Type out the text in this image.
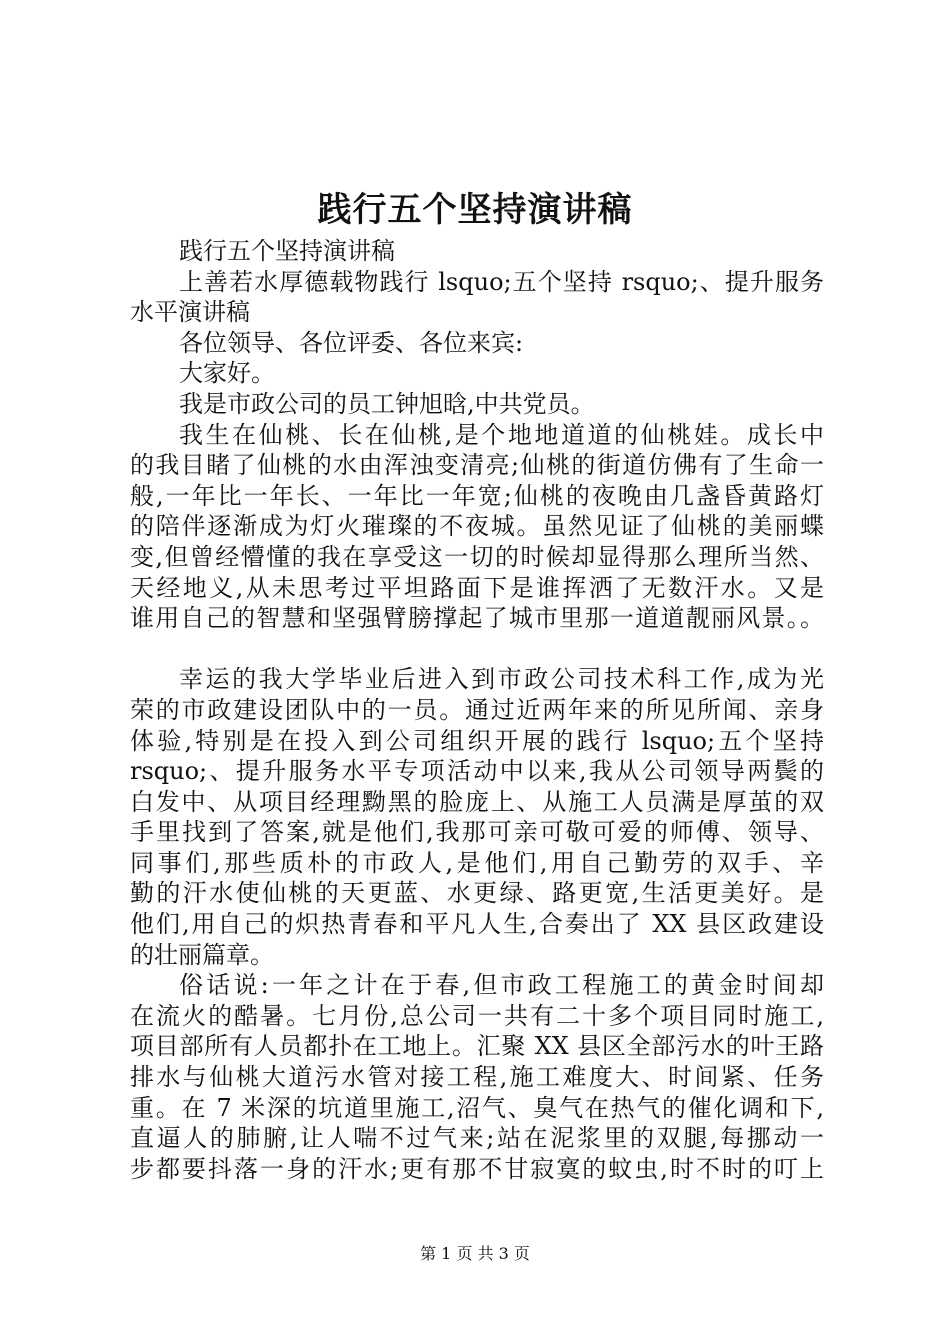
践行五个坚持演讲稿
践行五个坚持演讲稿
上善若水厚德载物践行 lsquo;五个坚持 rsquo;、提升服务
水平演讲稿
各位领导、各位评委、各位来宾:
大家好。
我是市政公司的员工钟旭晗,中共党员。
我生在仙桃、长在仙桃,是个地地道道的仙桃娃。成长中
的我目睹了仙桃的水由浑浊变清亮;仙桃的街道仿佛有了生命一
般,一年比一年长、一年比一年宽;仙桃的夜晚由几盏昏黄路灯
的陪伴逐渐成为灯火璀璨的不夜城。虽然见证了仙桃的美丽蝶
变,但曾经懵懂的我在享受这一切的时候却显得那么理所当然、
天经地义,从未思考过平坦路面下是谁挥洒了无数汗水。又是
谁用自己的智慧和坚强臂膀撑起了城市里那一道道靓丽风景。。
幸运的我大学毕业后进入到市政公司技术科工作,成为光
荣的市政建设团队中的一员。通过近两年来的所见所闻、亲身
体验,特别是在投入到公司组织开展的践行 lsquo;五个坚持
rsquo;、提升服务水平专项活动中以来,我从公司领导两鬓的
白发中、从项目经理黝黑的脸庞上、从施工人员满是厚茧的双
手里找到了答案,就是他们,我那可亲可敬可爱的师傅、领导、
同事们,那些质朴的市政人,是他们,用自己勤劳的双手、辛
勤的汗水使仙桃的天更蓝、水更绿、路更宽,生活更美好。是
他们,用自己的炽热青春和平凡人生,合奏出了 XX 县区政建设
的壮丽篇章。
俗话说:一年之计在于春,但市政工程施工的黄金时间却
在流火的酷暑。七月份,总公司一共有二十多个项目同时施工,
项目部所有人员都扑在工地上。汇聚 XX 县区全部污水的叶王路
排水与仙桃大道污水管对接工程,施工难度大、时间紧、任务
重。在 7 米深的坑道里施工,沼气、臭气在热气的催化调和下,
直逼人的肺腑,让人喘不过气来;站在泥浆里的双腿,每挪动一
步都要抖落一身的汗水;更有那不甘寂寞的蚊虫,时不时的叮上
第 1 页 共 3 页
